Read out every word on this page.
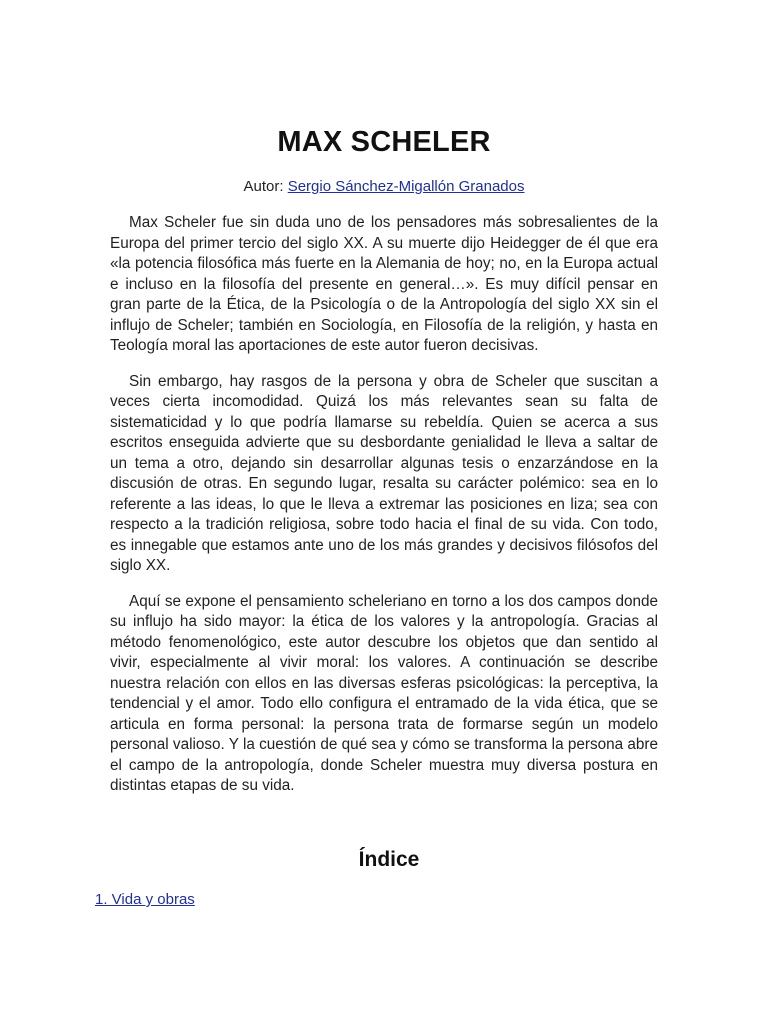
MAX SCHELER
Autor: Sergio Sánchez-Migallón Granados

Max Scheler fue sin duda uno de los pensadores más sobresalientes de la Europa del primer tercio del siglo XX. A su muerte dijo Heidegger de él que era «la potencia filosófica más fuerte en la Alemania de hoy; no, en la Europa actual e incluso en la filosofía del presente en general…». Es muy difícil pensar en gran parte de la Ética, de la Psicología o de la Antropología del siglo XX sin el influjo de Scheler; también en Sociología, en Filosofía de la religión, y hasta en Teología moral las aportaciones de este autor fueron decisivas.

Sin embargo, hay rasgos de la persona y obra de Scheler que suscitan a veces cierta incomodidad. Quizá los más relevantes sean su falta de sistematicidad y lo que podría llamarse su rebeldía. Quien se acerca a sus escritos enseguida advierte que su desbordante genialidad le lleva a saltar de un tema a otro, dejando sin desarrollar algunas tesis o enzarzándose en la discusión de otras. En segundo lugar, resalta su carácter polémico: sea en lo referente a las ideas, lo que le lleva a extremar las posiciones en liza; sea con respecto a la tradición religiosa, sobre todo hacia el final de su vida. Con todo, es innegable que estamos ante uno de los más grandes y decisivos filósofos del siglo XX.

Aquí se expone el pensamiento scheleriano en torno a los dos campos donde su influjo ha sido mayor: la ética de los valores y la antropología. Gracias al método fenomenológico, este autor descubre los objetos que dan sentido al vivir, especialmente al vivir moral: los valores. A continuación se describe nuestra relación con ellos en las diversas esferas psicológicas: la perceptiva, la tendencial y el amor. Todo ello configura el entramado de la vida ética, que se articula en forma personal: la persona trata de formarse según un modelo personal valioso. Y la cuestión de qué sea y cómo se transforma la persona abre el campo de la antropología, donde Scheler muestra muy diversa postura en distintas etapas de su vida.

Índice
1. Vida y obras
